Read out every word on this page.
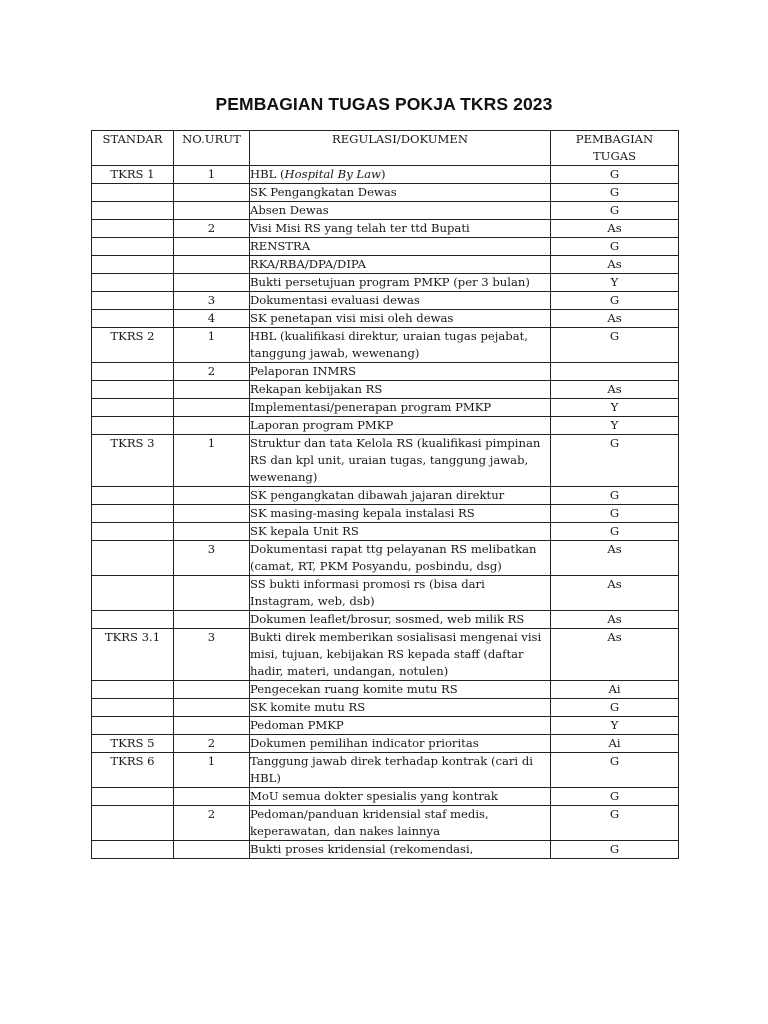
PEMBAGIAN TUGAS POKJA TKRS 2023
STANDAR	NO.URUT	REGULASI/DOKUMEN	PEMBAGIAN TUGAS
TKRS 1	1	HBL (Hospital By Law)	G
		SK Pengangkatan Dewas	G
		Absen Dewas	G
	2	Visi Misi RS yang telah ter ttd Bupati	As
		RENSTRA	G
		RKA/RBA/DPA/DIPA	As
		Bukti persetujuan program PMKP (per 3 bulan)	Y
	3	Dokumentasi evaluasi dewas	G
	4	SK penetapan visi misi oleh dewas	As
TKRS 2	1	HBL (kualifikasi direktur, uraian tugas pejabat, tanggung jawab, wewenang)	G
	2	Pelaporan INMRS	
		Rekapan kebijakan RS	As
		Implementasi/penerapan program PMKP	Y
		Laporan program PMKP	Y
TKRS 3	1	Struktur dan tata Kelola RS (kualifikasi pimpinan RS dan kpl unit, uraian tugas, tanggung jawab, wewenang)	G
		SK pengangkatan dibawah jajaran direktur	G
		SK masing-masing kepala instalasi RS	G
		SK kepala Unit RS	G
	3	Dokumentasi rapat ttg pelayanan RS melibatkan (camat, RT, PKM Posyandu, posbindu, dsg)	As
		SS bukti informasi promosi rs (bisa dari Instagram, web, dsb)	As
		Dokumen leaflet/brosur, sosmed, web milik RS	As
TKRS 3.1	3	Bukti direk memberikan sosialisasi mengenai visi misi, tujuan, kebijakan RS kepada staff (daftar hadir, materi, undangan, notulen)	As
		Pengecekan ruang komite mutu RS	Ai
		SK komite mutu RS	G
		Pedoman PMKP	Y
TKRS 5	2	Dokumen pemilihan indicator prioritas	Ai
TKRS 6	1	Tanggung jawab direk terhadap kontrak (cari di HBL)	G
		MoU semua dokter spesialis yang kontrak	G
	2	Pedoman/panduan kridensial staf medis, keperawatan, dan nakes lainnya	G
		Bukti proses kridensial (rekomendasi,	G
